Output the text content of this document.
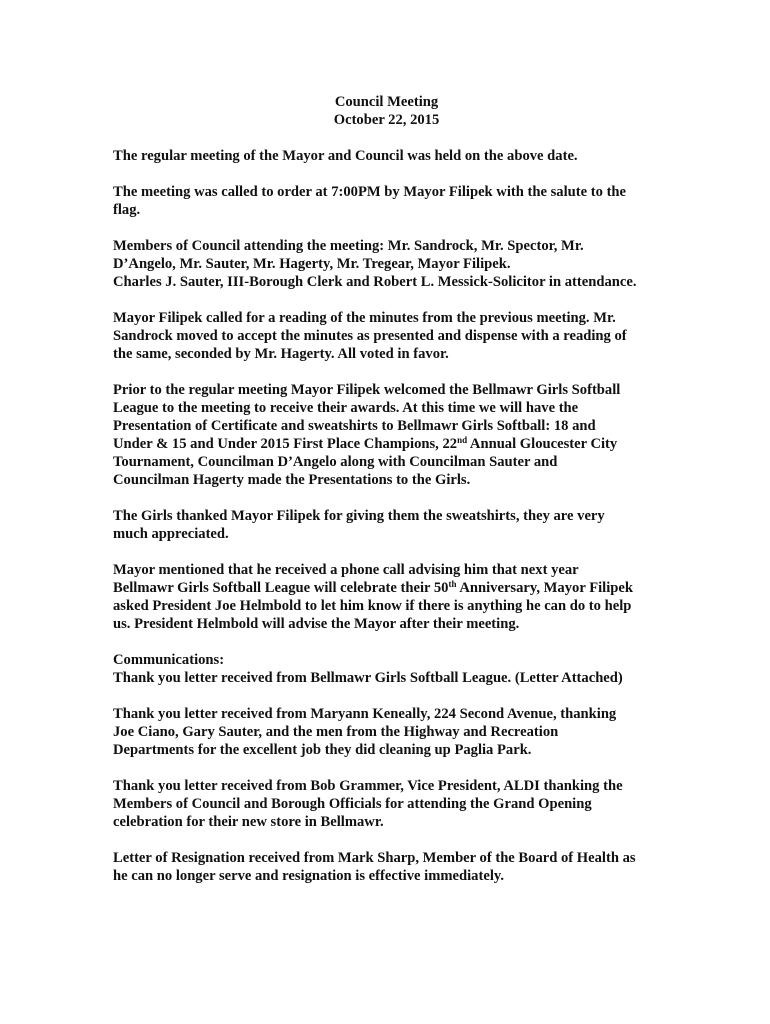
Council Meeting
October 22, 2015

The regular meeting of the Mayor and Council was held on the above date.

The meeting was called to order at 7:00PM by Mayor Filipek with the salute to the
flag.

Members of Council attending the meeting: Mr. Sandrock, Mr. Spector, Mr.
D’Angelo, Mr. Sauter, Mr. Hagerty, Mr. Tregear, Mayor Filipek.
Charles J. Sauter, III-Borough Clerk and Robert L. Messick-Solicitor in attendance.

Mayor Filipek called for a reading of the minutes from the previous meeting. Mr.
Sandrock moved to accept the minutes as presented and dispense with a reading of
the same, seconded by Mr. Hagerty. All voted in favor.

Prior to the regular meeting Mayor Filipek welcomed the Bellmawr Girls Softball
League to the meeting to receive their awards. At this time we will have the
Presentation of Certificate and sweatshirts to Bellmawr Girls Softball: 18 and
Under & 15 and Under 2015 First Place Champions, 22nd Annual Gloucester City
Tournament, Councilman D’Angelo along with Councilman Sauter and
Councilman Hagerty made the Presentations to the Girls.

The Girls thanked Mayor Filipek for giving them the sweatshirts, they are very
much appreciated.

Mayor mentioned that he received a phone call advising him that next year
Bellmawr Girls Softball League will celebrate their 50th Anniversary, Mayor Filipek
asked President Joe Helmbold to let him know if there is anything he can do to help
us. President Helmbold will advise the Mayor after their meeting.

Communications:
Thank you letter received from Bellmawr Girls Softball League. (Letter Attached)

Thank you letter received from Maryann Keneally, 224 Second Avenue, thanking
Joe Ciano, Gary Sauter, and the men from the Highway and Recreation
Departments for the excellent job they did cleaning up Paglia Park.

Thank you letter received from Bob Grammer, Vice President, ALDI thanking the
Members of Council and Borough Officials for attending the Grand Opening
celebration for their new store in Bellmawr.

Letter of Resignation received from Mark Sharp, Member of the Board of Health as
he can no longer serve and resignation is effective immediately.
